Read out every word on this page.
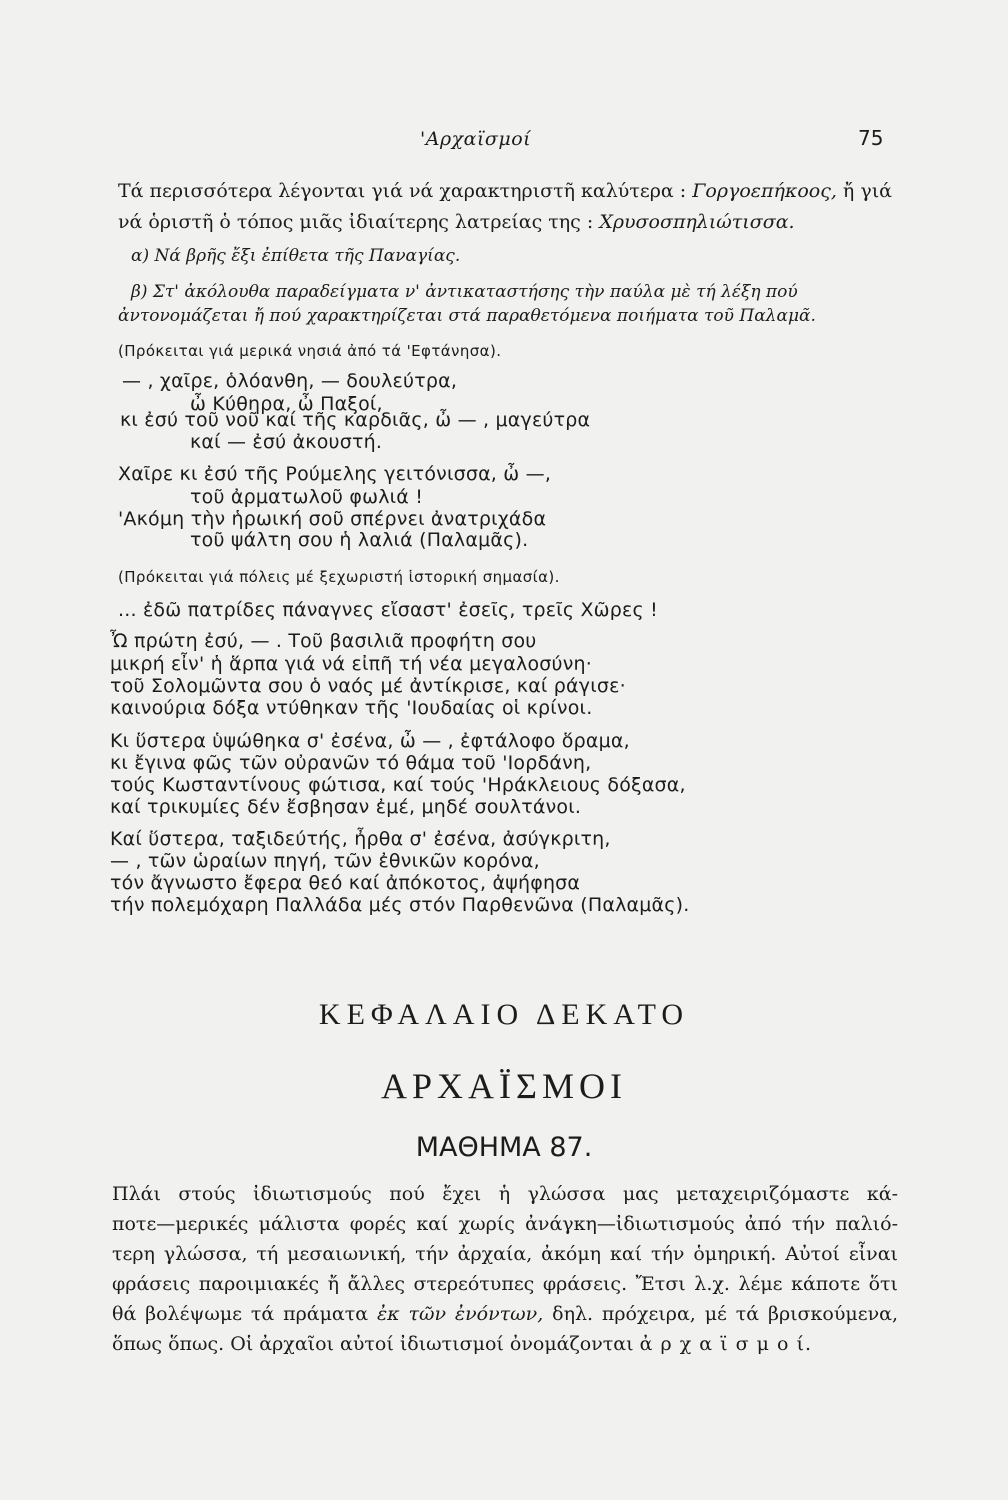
'Αρχαϊσμοί	75
Τά περισσότερα λέγονται γιά νά χαρακτηριστῆ καλύτερα : Γοργοεπήκοος, ἤ γιά
νά ὁριστῆ ὁ τόπος μιᾶς ἰδιαίτερης λατρείας της : Χρυσοσπηλιώτισσα.
α) Νά βρῆς ἔξι ἐπίθετα τῆς Παναγίας.
β) Στ' ἀκόλουθα παραδείγματα ν' ἀντικαταστήσης τὴν παύλα μὲ τή λέξη πού
ἀντονομάζεται ἤ πού χαρακτηρίζεται στά παραθετόμενα ποιήματα τοῦ Παλαμᾶ.
(Πρόκειται γιά μερικά νησιά ἀπό τά 'Εφτάνησα).
— , χαῖρε, ὁλόανθη, — δουλεύτρα,
ὦ Κύθηρα, ὦ Παξοί,
κι ἐσύ τοῦ νοῦ καί τῆς καρδιᾶς, ὦ — , μαγεύτρα
καί — ἐσύ ἀκουστή.
Χαῖρε κι ἐσύ τῆς Ρούμελης γειτόνισσα, ὦ —,
τοῦ ἀρματωλοῦ φωλιά !
'Ακόμη τὴν ἡρωική σοῦ σπέρνει ἀνατριχάδα
τοῦ ψάλτη σου ἡ λαλιά (Παλαμᾶς).
(Πρόκειται γιά πόλεις μέ ξεχωριστή ἱστορική σημασία).
... ἐδῶ πατρίδες πάναγνες εἴσαστ' ἐσεῖς, τρεῖς Χῶρες !
Ὦ πρώτη ἐσύ, — . Τοῦ βασιλιᾶ προφήτη σου
μικρή εἶν' ἡ ἅρπα γιά νά εἰπῆ τή νέα μεγαλοσύνη·
τοῦ Σολομῶντα σου ὁ ναός μέ ἀντίκρισε, καί ράγισε·
καινούρια δόξα ντύθηκαν τῆς 'Ιουδαίας οἱ κρίνοι.
Κι ὕστερα ὑψώθηκα σ' ἐσένα, ὦ — , ἐφτάλοφο ὅραμα,
κι ἔγινα φῶς τῶν οὐρανῶν τό θάμα τοῦ 'Ιορδάνη,
τούς Κωσταντίνους φώτισα, καί τούς 'Ηράκλειους δόξασα,
καί τρικυμίες δέν ἔσβησαν ἐμέ, μηδέ σουλτάνοι.
Καί ὕστερα, ταξιδεύτής, ἦρθα σ' ἐσένα, ἀσύγκριτη,
— , τῶν ὡραίων πηγή, τῶν ἐθνικῶν κορόνα,
τόν ἄγνωστο ἔφερα θεό καί ἀπόκοτος, ἀψήφησα
τήν πολεμόχαρη Παλλάδα μές στόν Παρθενῶνα (Παλαμᾶς).
ΚΕΦΑΛΑΙΟ ΔΕΚΑΤΟ
ΑΡΧΑΪΣΜΟΙ
ΜΑΘΗΜΑ 87.
Πλάι στούς ἰδιωτισμούς πού ἔχει ἡ γλώσσα μας μεταχειριζόμαστε κά-
ποτε—μερικές μάλιστα φορές καί χωρίς ἀνάγκη—ἰδιωτισμούς ἀπό τήν παλιό-
τερη γλώσσα, τή μεσαιωνική, τήν ἀρχαία, ἀκόμη καί τήν ὁμηρική. Αὐτοί εἶναι
φράσεις παροιμιακές ἤ ἄλλες στερεότυπες φράσεις. Ἔτσι λ.χ. λέμε κάποτε ὅτι
θά βολέψωμε τά πράματα ἐκ τῶν ἐνόντων, δηλ. πρόχειρα, μέ τά βρισκούμενα,
ὅπως ὅπως. Οἱ ἀρχαῖοι αὐτοί ἰδιωτισμοί ὀνομάζονται ἀ ρ χ α ϊ σ μ ο ί.
